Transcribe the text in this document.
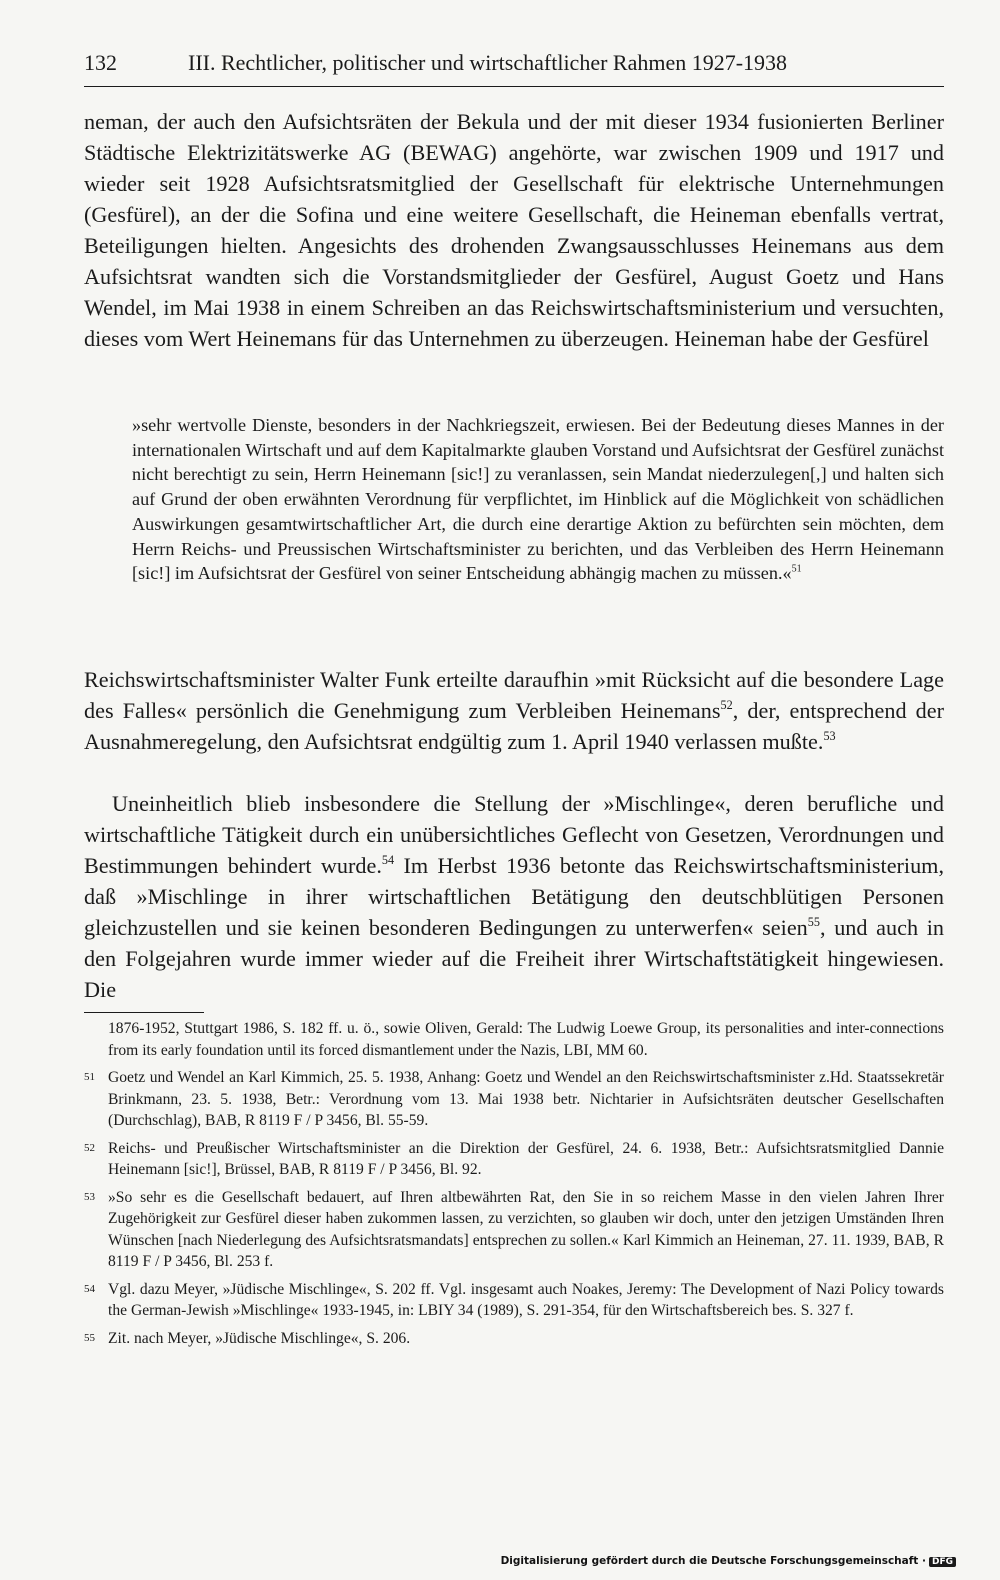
132	III. Rechtlicher, politischer und wirtschaftlicher Rahmen 1927-1938

neman, der auch den Aufsichtsräten der Bekula und der mit dieser 1934 fusionierten Berliner Städtische Elektrizitätswerke AG (BEWAG) angehörte, war zwischen 1909 und 1917 und wieder seit 1928 Aufsichtsratsmitglied der Gesellschaft für elektrische Unternehmungen (Gesfürel), an der die Sofina und eine weitere Gesellschaft, die Heineman ebenfalls vertrat, Beteiligungen hielten. Angesichts des drohenden Zwangsausschlusses Heinemans aus dem Aufsichtsrat wandten sich die Vorstandsmitglieder der Gesfürel, August Goetz und Hans Wendel, im Mai 1938 in einem Schreiben an das Reichswirtschaftsministerium und versuchten, dieses vom Wert Heinemans für das Unternehmen zu überzeugen. Heineman habe der Gesfürel

»sehr wertvolle Dienste, besonders in der Nachkriegszeit, erwiesen. Bei der Bedeutung dieses Mannes in der internationalen Wirtschaft und auf dem Kapitalmarkte glauben Vorstand und Aufsichtsrat der Gesfürel zunächst nicht berechtigt zu sein, Herrn Heinemann [sic!] zu veranlassen, sein Mandat niederzulegen[,] und halten sich auf Grund der oben erwähnten Verordnung für verpflichtet, im Hinblick auf die Möglichkeit von schädlichen Auswirkungen gesamtwirtschaftlicher Art, die durch eine derartige Aktion zu befürchten sein möchten, dem Herrn Reichs- und Preussischen Wirtschaftsminister zu berichten, und das Verbleiben des Herrn Heinemann [sic!] im Aufsichtsrat der Gesfürel von seiner Entscheidung abhängig machen zu müssen.«$^{51}$

Reichswirtschaftsminister Walter Funk erteilte daraufhin »mit Rücksicht auf die besondere Lage des Falles« persönlich die Genehmigung zum Verbleiben Heinemans$^{52}$, der, entsprechend der Ausnahmeregelung, den Aufsichtsrat endgültig zum 1. April 1940 verlassen mußte.$^{53}$

Uneinheitlich blieb insbesondere die Stellung der »Mischlinge«, deren berufliche und wirtschaftliche Tätigkeit durch ein unübersichtliches Geflecht von Gesetzen, Verordnungen und Bestimmungen behindert wurde.$^{54}$ Im Herbst 1936 betonte das Reichswirtschaftsministerium, daß »Mischlinge in ihrer wirtschaftlichen Betätigung den deutschblütigen Personen gleichzustellen und sie keinen besonderen Bedingungen zu unterwerfen« seien$^{55}$, und auch in den Folgejahren wurde immer wieder auf die Freiheit ihrer Wirtschaftstätigkeit hingewiesen. Die

1876-1952, Stuttgart 1986, S. 182 ff. u. ö., sowie Oliven, Gerald: The Ludwig Loewe Group, its personalities and inter-connections from its early foundation until its forced dismantlement under the Nazis, LBI, MM 60.

51 Goetz und Wendel an Karl Kimmich, 25. 5. 1938, Anhang: Goetz und Wendel an den Reichswirtschaftsminister z.Hd. Staatssekretär Brinkmann, 23. 5. 1938, Betr.: Verordnung vom 13. Mai 1938 betr. Nichtarier in Aufsichtsräten deutscher Gesellschaften (Durchschlag), BAB, R 8119 F / P 3456, Bl. 55-59.

52 Reichs- und Preußischer Wirtschaftsminister an die Direktion der Gesfürel, 24. 6. 1938, Betr.: Aufsichtsratsmitglied Dannie Heinemann [sic!], Brüssel, BAB, R 8119 F / P 3456, Bl. 92.

53 »So sehr es die Gesellschaft bedauert, auf Ihren altbewährten Rat, den Sie in so reichem Masse in den vielen Jahren Ihrer Zugehörigkeit zur Gesfürel dieser haben zukommen lassen, zu verzichten, so glauben wir doch, unter den jetzigen Umständen Ihren Wünschen [nach Niederlegung des Aufsichtsratsmandats] entsprechen zu sollen.« Karl Kimmich an Heineman, 27. 11. 1939, BAB, R 8119 F / P 3456, Bl. 253 f.

54 Vgl. dazu Meyer, »Jüdische Mischlinge«, S. 202 ff. Vgl. insgesamt auch Noakes, Jeremy: The Development of Nazi Policy towards the German-Jewish »Mischlinge« 1933-1945, in: LBIY 34 (1989), S. 291-354, für den Wirtschaftsbereich bes. S. 327 f.

55 Zit. nach Meyer, »Jüdische Mischlinge«, S. 206.

Digitalisierung gefördert durch die Deutsche Forschungsgemeinschaft · DFG
